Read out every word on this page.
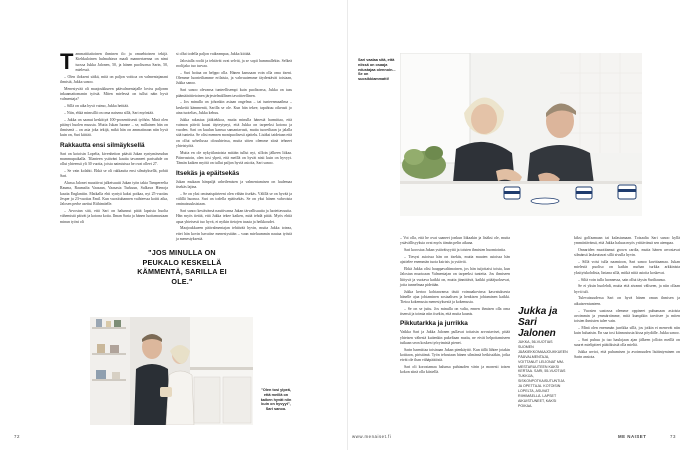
T ammattitaitoinen ihminen ilo ja omaehtoinen tekijä. Kiehkuloinen hulmahtava maali mannertaenna on nimi tuossa Jukka Jalonen, 50, ja hänen puolisonsa Sarin, 50, mielessä.

– Olen ilokseni säikä, mitä on paljon voittoa on valmentajanani ihmisiä, Jukka sanoo.

Menestyvää oli maajoukkueen päävalmentajalle loviss paljonm inkaamattomanin työstä. Miten mielessä on tullut näin hyvä valmentaja?

– Sillä on aika hyvä vaimo, Jukka heittää.

– Niin, ehkä mimsillä on oma naisena sillä, Sari myöntää.

– Jukka on saanut keskittyä 100-prosenttisesti työhön. Minä olen pitänyt huolen muusta. Mutta Jukan luonne – se, millainen hän on ihmisenä – on asia joka tekijä, mikä hän on ammatinaan niin hyvä kuin on, Sari kiittää.

Rakkautta ensi silmäyksellä

Sari on kotoisin Lopelta, kivenheiton päästä Jukan syntymäseudun mummupaikalla. Tilanteen ystäväni kautta tavanneet parisuhde on ollut yhteensä yli 30 vuotta, joista naimisissa he ovat olleet 27.

– Se vain kolahti. Ehkä se oli rakkautta ensi silmäyksellä, pohtii Sari.

Alussa Jalonet muuttivat jalkeisuutti Jukan työn takia Tampereelta Rauma, Raumalta Vaasaan, Vaasasta Turkuun, Sulkava Hienoja kautta Englantiin. Matkalla ehti syntyä kaksi poikaa, nyt 25-vuotias Jesper ja 23-vuotias Emil. Kun vuosituhannen vaihteessa koitti aika, Jalosen perhe asettui Riihimäelle.

– Arvostan sitä, että Sari on halunnut pitää lapsista huolta vähemistä päivät ja kotona kotia. Ilman Saria ja hänen luottamustaan minun työni oli

si ollut todella paljon vaikeampaa, Jukka kiittää.

Jalostalla roolit ja tehtävät ovat selvät, ja se sopii hummallekin. Selkeä roolijako tuo turvaa.

– Sari hoitaa on helppo olla. Hänen kanssaan voin olla oma itseni. Olemme luonteiltamme erilaisia, ja vahvuutemme täydentävät toisiaan, Jukka sanoo.

Sari sanoo olevansa tunteellisempi kuin puolisonsa, Jukka on taas päämäärätietoinen järjestelmällinen tavoitteellinen.

– Jos minulla on johonkin asiaan ongelma – tai tunteenmaailma – keskeitä kämmentä, Sarilla se ole. Kun hän tekee, tapahtuu oikeasti jo aina tuotelias, Jukka kehuu.

Jukka rakastaa jääkiekkoa, mutta minulla hänestä harmittaa, että vaimon päiviä kausi täyteytynyt, että Jukka on tarpeeksi kotona ja vuoden. Sari on kuulun kanssa samantavasti, mutta tuoreiltaan ja jalalla sitä tunteita. Se olisi mennen monipuolisesti ajattelu. Lisäksi taidetaan että on ollut urheilussa olosuhteissa, mutta sitten olemme siinä tehneet yhteistyötä.

Mutta en ole nykytilantoista mitään tullut nyt, silloin jälkeen liikaa. Päinvastoin, olen tosi ylpeä, että meillä on hyvät nisti kuin on hyvyyt. Tämän kaiken myötä on tullut paljon hyviä asioita, Sari sanoo.

Itsekäs ja epäitsekäs

Jukan mukaan hänpaljä urheilemisen ja valmentamisen on luulemaa itsekäs lajina.

– Se on yksi ominaispiirteeni olen vähän itsekäs. Välillä se on hyvää ja välillä huonoa. Sari on todella epäitsekäs. Se on yksi hänen vahvoista ominaisuuksistaan.

Sari sanoo kestävänsä nauttivansa Jukan tärvallisuutta ja luotettavuutta. Hän myös tietää, että Jukka tekee kaiken, mitä tehdä pitää. Myös ehtiä apua yhteisesti tuo hyvä, ei nytkin tietojen tausta ja heikkoudet.

Maajoukkueen päävalmentajan tehtävää hyvin, mutta Jukka toteaa, ettei hän kovin havaitse menestystään – vaan mieluummin nautaa työstä ja menestyksestä.

"JOS MINULLA ON PEUKALO KESKELLÄ KÄMMENTÄ, SARILLA EI OLE."
"Olen tosi ylpeä, että meillä on kaiken hyvät niin kuin on hyvyyt", Sari sanoo.
72
Sari vaalaa sitä, että niissä on osaaja edustajaa olennoin... Se on suosikkiammatti!

– Voi olla, että he ovat saaneet jonkun liikaakin ja lisäksi ole, mutta ystävällisyyksia ovat myös tämän pelin aikana.

Sari korostaa Jukan ystäväisyyttä ja toisten ihmisten huomiointia.

– Tiesysi asioissa hän on itsekäs, mutta muuten asioissa hän ajattelee enemmän tuota ksirisis ja ystäviä.

Ehkä Jukka olisi hauppavaltimoinen, jos hän tuijottaisi toista, kun Jalostan muotoaan Valmentajan on tarpeeksi tunteita. Jos ihmiseen liittyvä ja vuotava kaikki on, mutta jännittävä, kaikki pitääjuoksevat, jotta tunnelmaa pidetään.

Jukka kertoo kohtaavansa tästä voimaakovinsa kasvatuksesta hänelle ajaa johtaminen sosiaalisen ja henkisen johtaminen kaikki. Tietoa kokemusta menestyksestä ja kokemusta.

– Se on se juttu. Jos minulla on valta, ennen ihmisen olla oma itsensä ja toimia niin itsekin, että mutta kaunis.

Pikkutarkka ja jurrikka

Vaikka Sari ja Jukka Jalonen pullavat tottaisin arvostaviset, pitää yhteisen vähestä kuitenkin pukeltaan mutta, ne eivät helpottamiseen tutkaan seon kosken työrytmistä pienet.

Sarin harmittaa toisinaan Jukan pienkäyttö. Kun tällä lähtee jotakin kotitaon, piristämä. Työn tehostaan hänen silmänsä hetkissäkin, jotka eivät ole ihan vähäpäätöstä.

Sari oli korostamaa halunsa puhtauden värin ja monesti toisen kokon siinä olla kiistellä.

Jukka ja Sari Jalonen
JUKKA, 56-VUOTIAS SUOMEN JÄÄKIEKKOMAAJOUKKUEEN PÄÄVALMENTAJA, VOITTANUT LEIJONAT MM-MESTARUUTEEN KAKSI KERTAA. SARI, 55-VUOTIAS TUKKIJA, SISKONPOTKAISUTUNTIJA JA OPETTAJA. KOTOISIN LOPELTA, ASUVAT RIIHIMÄELLÄ. LAPSET AIKUISTUNEET, KAKSI POIKAA.

kiksi golfaamaan tai kalastamaan. Toisaalta Sari sanoo kyllä ymmärtävänsä, että Jukka haluaa myös yrittävänsä sen aiempaa.

Onnariden muotitamut grown cardia, mutta hänen arvostavat silmänsä laskeutuvat sillä sivulla hyvin.

– Sillä voisi tulla naamioon, Sari sanoo kavittaamaa. Jukan mielestä puoliso on kaikin nurhan turkka arkkinista yksityiskohdista, liniana sillä, mitkä niitä asioita koskevat.

– Siltä voin tulla luonnessa, sain ollut täysin Sariltaansa.

Se ei yksin huolehdi, mutta että aivanni väliseen, ja niin ollaan hyvä tuli.

Tulevaisuudessa Sari on hyvä hänen oman ihmisen ja aikuiseentunteen.

– Vuosien saatossa olemme oppineet puhumaan asioista avoimmin ja ymmärrämme, mitä kumpikin tarvitsee ja miten toisten ihmisten tulee vain.

– Minä olen enemmän jurrikka sillä, jos jotkin ei menevät niin kuin haluaisin. En saa tosi kiinnostusta kissa pöydälle. Jukka sanoo.

– Sari puhuu ja tuo haulojaan ajan jälkeen jolloin meillä on suuret mielipiteet päätöksistä olla mieltä.

Jukka arvioi, että puhumisen ja avoimuuden lisääntyminen on Sarin ansiota.

www.menaiset.fi	ME NAISET	73
